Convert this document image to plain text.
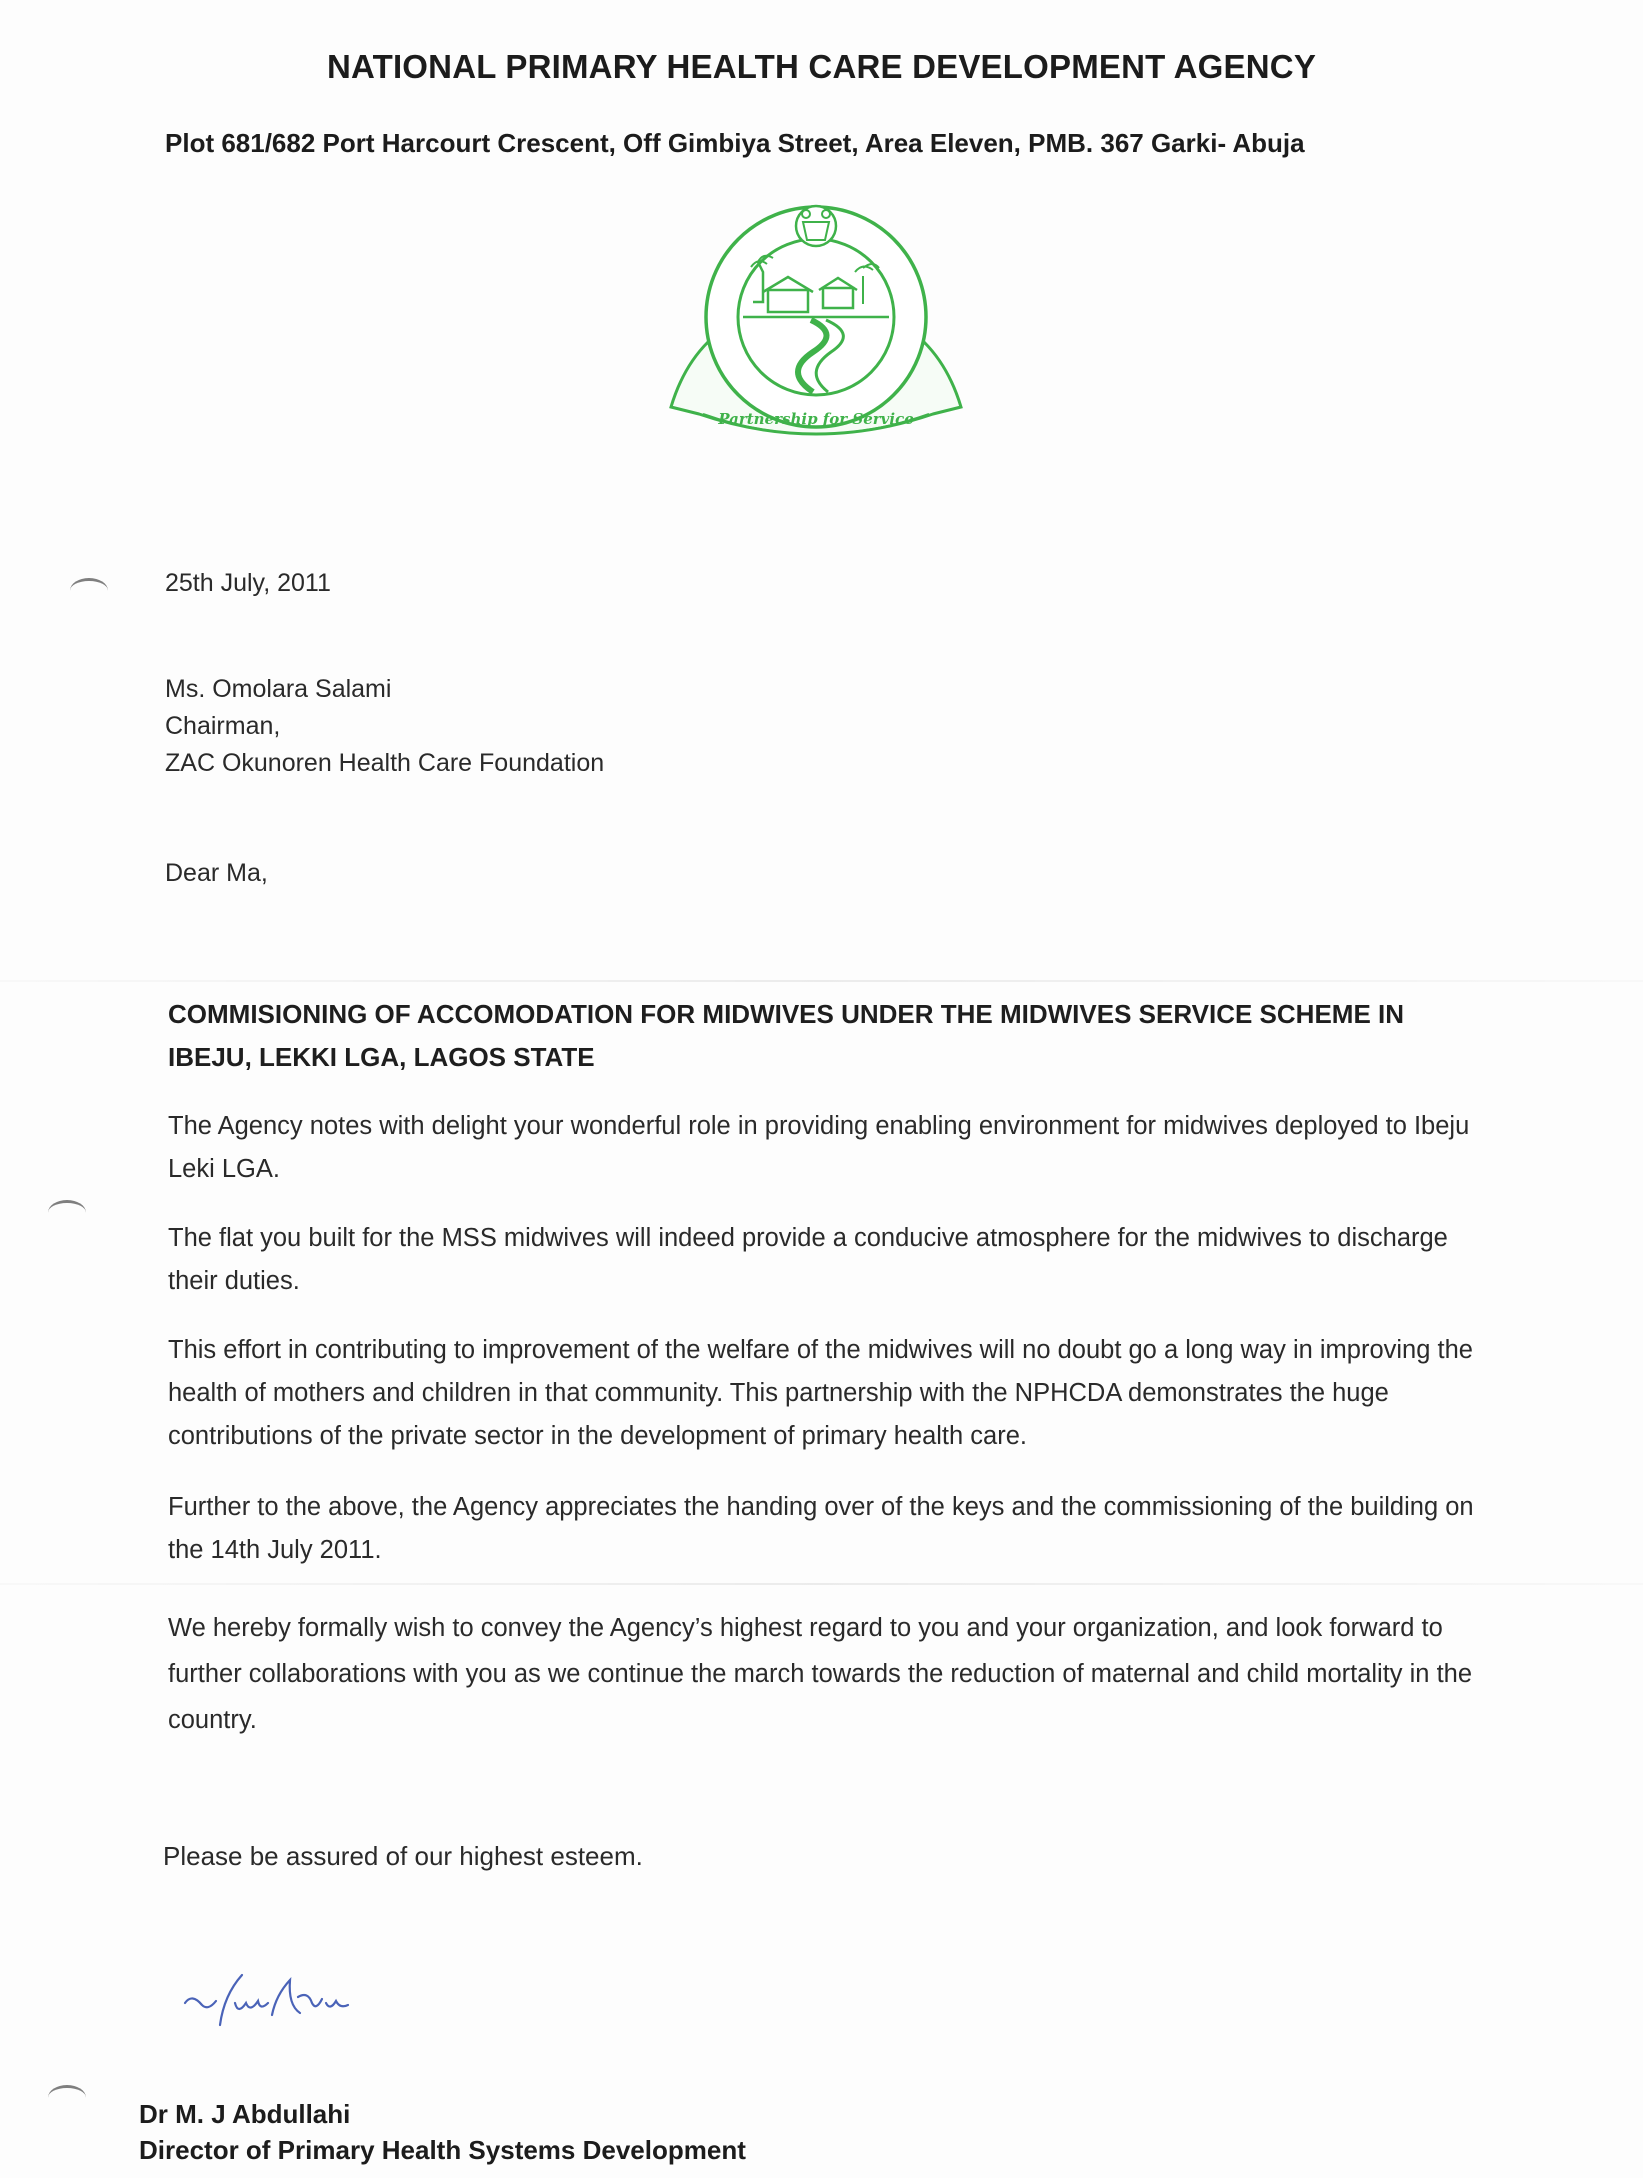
NATIONAL PRIMARY HEALTH CARE DEVELOPMENT AGENCY
Plot 681/682 Port Harcourt Crescent, Off Gimbiya Street, Area Eleven, PMB. 367 Garki- Abuja
Partnership for Service
25th July, 2011
Ms. Omolara Salami
Chairman,
ZAC Okunoren Health Care Foundation
Dear Ma,
COMMISIONING OF ACCOMODATION FOR MIDWIVES UNDER THE MIDWIVES SERVICE SCHEME IN IBEJU, LEKKI LGA, LAGOS STATE
The Agency notes with delight your wonderful role in providing enabling environment for midwives deployed to Ibeju Leki LGA.
The flat you built for the MSS midwives will indeed provide a conducive atmosphere for the midwives to discharge their duties.
This effort in contributing to improvement of the welfare of the midwives will no doubt go a long way in improving the health of mothers and children in that community. This partnership with the NPHCDA demonstrates the huge contributions of the private sector in the development of primary health care.
Further to the above, the Agency appreciates the handing over of the keys and the commissioning of the building on the 14th July 2011.
We hereby formally wish to convey the Agency’s highest regard to you and your organization, and look forward to further collaborations with you as we continue the march towards the reduction of maternal and child mortality in the country.
Please be assured of our highest esteem.
Dr M. J Abdullahi
Director of Primary Health Systems Development
